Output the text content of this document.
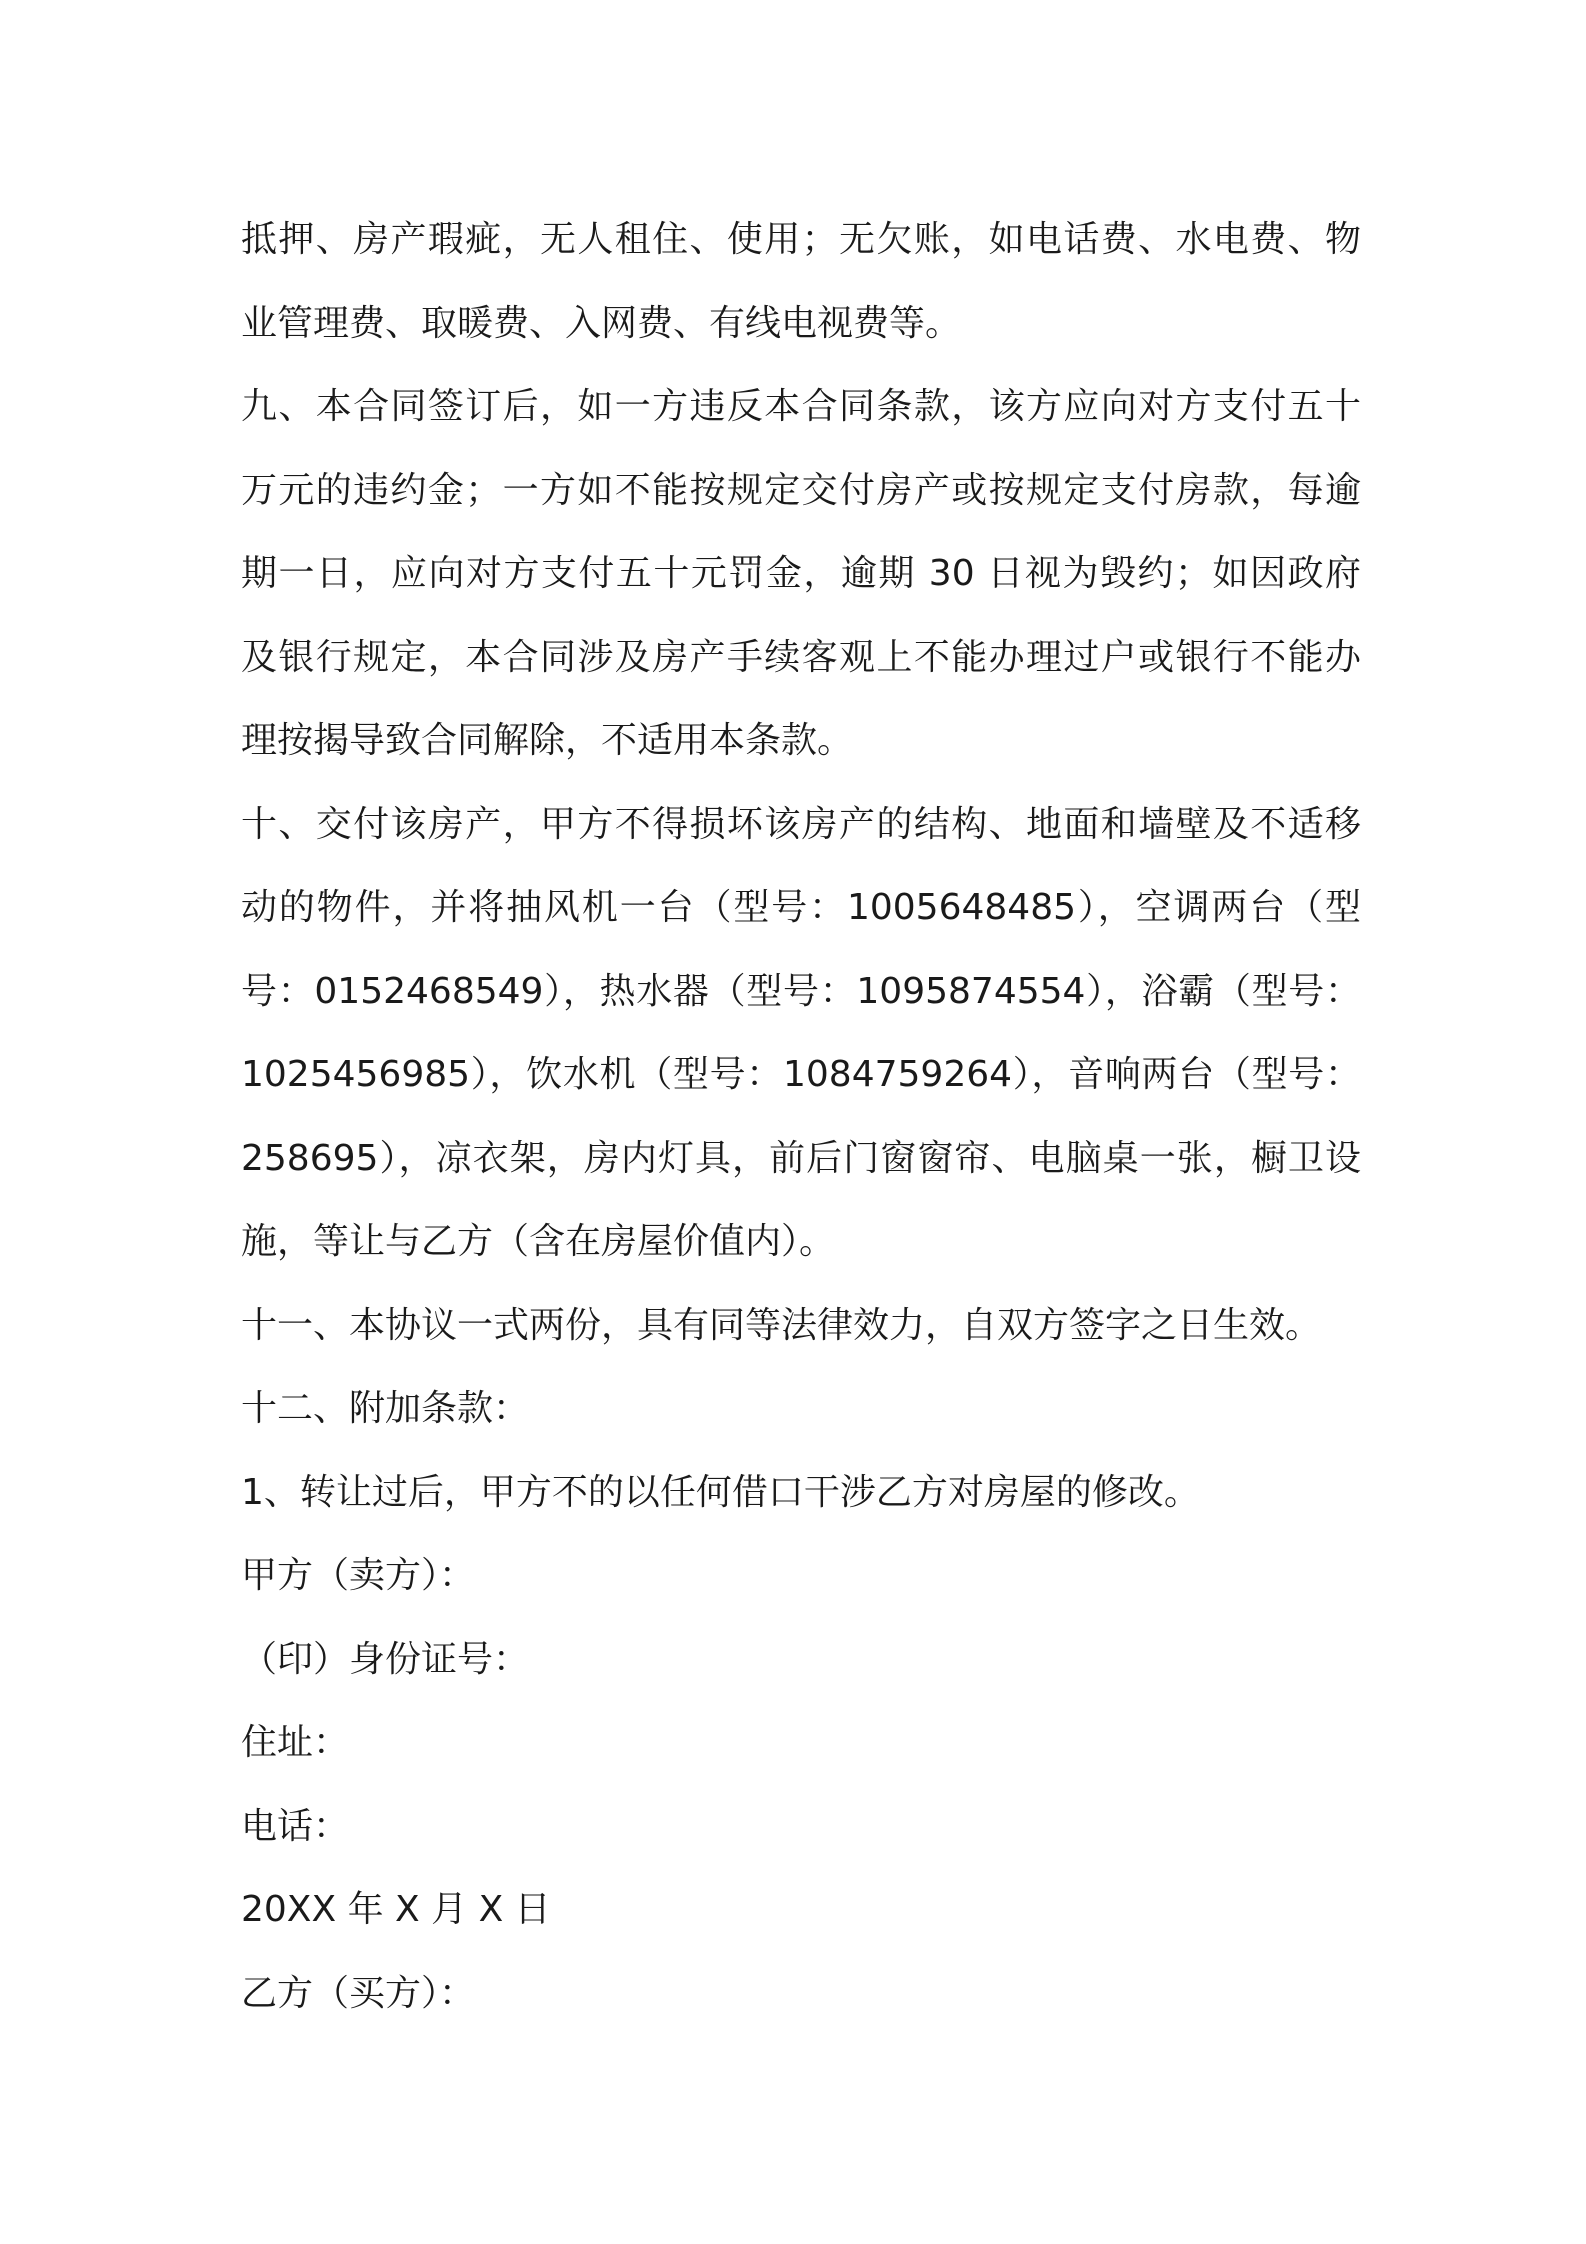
抵押、房产瑕疵，无人租住、使用；无欠账，如电话费、水电费、物
业管理费、取暖费、入网费、有线电视费等。
九、本合同签订后，如一方违反本合同条款，该方应向对方支付五十
万元的违约金；一方如不能按规定交付房产或按规定支付房款，每逾
期一日，应向对方支付五十元罚金，逾期 30 日视为毁约；如因政府
及银行规定，本合同涉及房产手续客观上不能办理过户或银行不能办
理按揭导致合同解除，不适用本条款。
十、交付该房产，甲方不得损坏该房产的结构、地面和墙壁及不适移
动的物件，并将抽风机一台（型号：1005648485），空调两台（型
号：0152468549），热水器（型号：1095874554），浴霸（型号：
1025456985），饮水机（型号：1084759264），音响两台（型号：
258695），凉衣架，房内灯具，前后门窗窗帘、电脑桌一张，橱卫设
施，等让与乙方（含在房屋价值内）。
十一、本协议一式两份，具有同等法律效力，自双方签字之日生效。
十二、附加条款：
1、转让过后，甲方不的以任何借口干涉乙方对房屋的修改。
甲方（卖方）：
（印）身份证号：
住址：
电话：
20XX 年 X 月 X 日
乙方（买方）：
